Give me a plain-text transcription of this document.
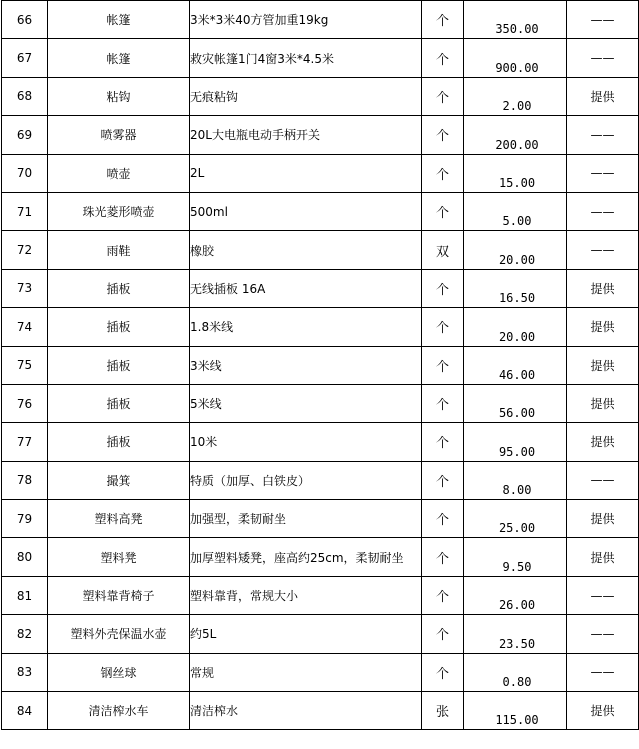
66	帐篷	3米*3米40方管加重19kg	个	350.00	——
67	帐篷	救灾帐篷1门4窗3米*4.5米	个	900.00	——
68	粘钩	无痕粘钩	个	2.00	提供
69	喷雾器	20L大电瓶电动手柄开关	个	200.00	——
70	喷壶	2L	个	15.00	——
71	珠光菱形喷壶	500ml	个	5.00	——
72	雨鞋	橡胶	双	20.00	——
73	插板	无线插板 16A	个	16.50	提供
74	插板	1.8米线	个	20.00	提供
75	插板	3米线	个	46.00	提供
76	插板	5米线	个	56.00	提供
77	插板	10米	个	95.00	提供
78	撮箕	特质（加厚、白铁皮）	个	8.00	——
79	塑料高凳	加强型，柔韧耐坐	个	25.00	提供
80	塑料凳	加厚塑料矮凳，座高约25cm，柔韧耐坐	个	9.50	提供
81	塑料靠背椅子	塑料靠背，常规大小	个	26.00	——
82	塑料外壳保温水壶	约5L	个	23.50	——
83	钢丝球	常规	个	0.80	——
84	清洁榨水车	清洁榨水	张	115.00	提供
